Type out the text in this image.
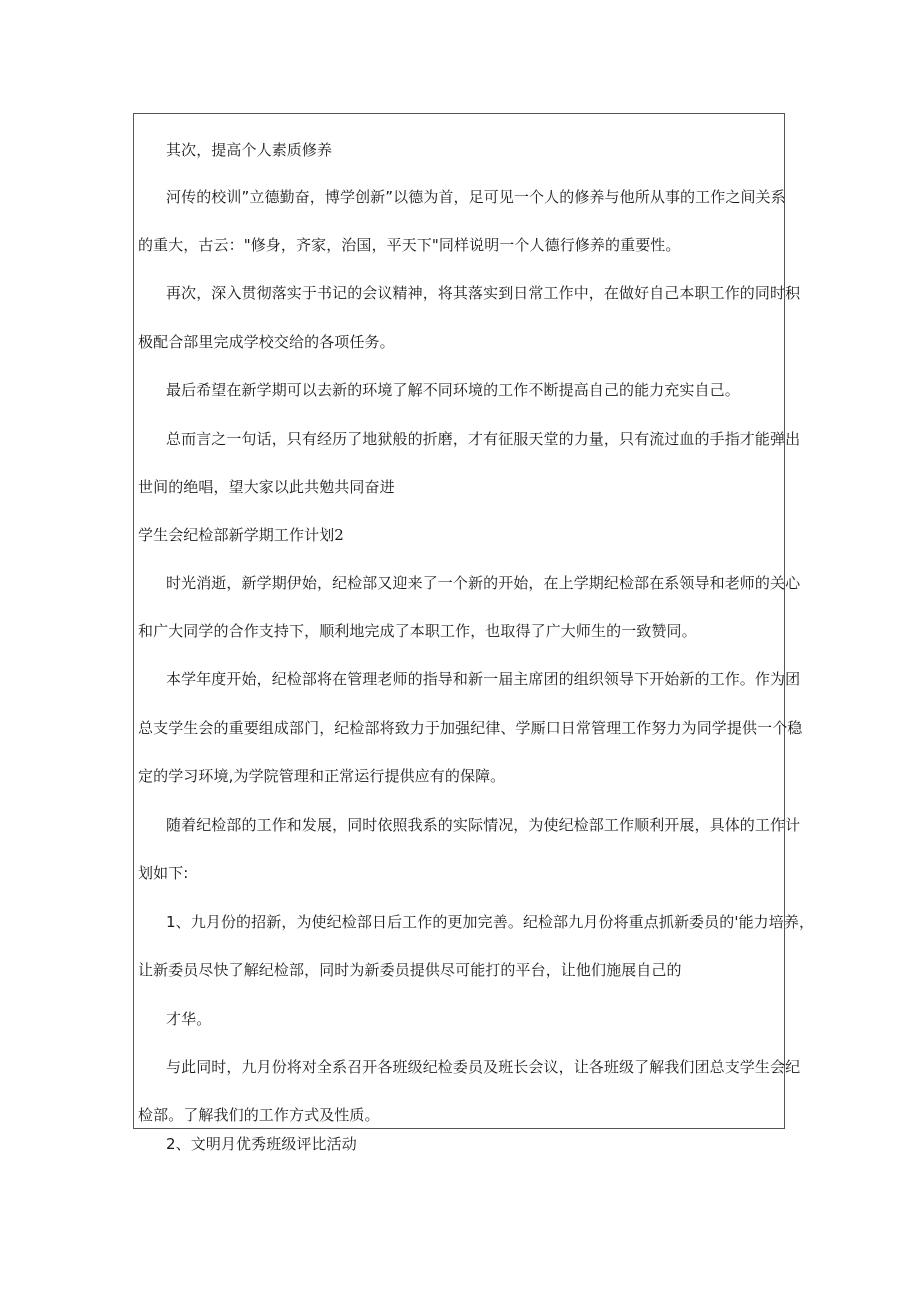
其次，提高个人素质修养
河传的校训”立德勤奋，博学创新”以德为首，足可见一个人的修养与他所从事的工作之间关系
的重大，古云："修身，齐家，治国，平天下"同样说明一个人德行修养的重要性。
再次，深入贯彻落实于书记的会议精神，将其落实到日常工作中，在做好自己本职工作的同时积
极配合部里完成学校交给的各项任务。
最后希望在新学期可以去新的环境了解不同环境的工作不断提高自己的能力充实自己。
总而言之一句话，只有经历了地狱般的折磨，才有征服天堂的力量，只有流过血的手指才能弹出
世间的绝唱，望大家以此共勉共同奋进
学生会纪检部新学期工作计划2
时光消逝，新学期伊始，纪检部又迎来了一个新的开始，在上学期纪检部在系领导和老师的关心
和广大同学的合作支持下，顺利地完成了本职工作，也取得了广大师生的一致赞同。
本学年度开始，纪检部将在管理老师的指导和新一届主席团的组织领导下开始新的工作。作为团
总支学生会的重要组成部门，纪检部将致力于加强纪律、学厮口日常管理工作努力为同学提供一个稳
定的学习环境,为学院管理和正常运行提供应有的保障。
随着纪检部的工作和发展，同时依照我系的实际情况，为使纪检部工作顺利开展，具体的工作计
划如下:
1、九月份的招新，为使纪检部日后工作的更加完善。纪检部九月份将重点抓新委员的'能力培养，
让新委员尽快了解纪检部，同时为新委员提供尽可能打的平台，让他们施展自己的
才华。
与此同时，九月份将对全系召开各班级纪检委员及班长会议，让各班级了解我们团总支学生会纪
检部。了解我们的工作方式及性质。
2、文明月优秀班级评比活动
